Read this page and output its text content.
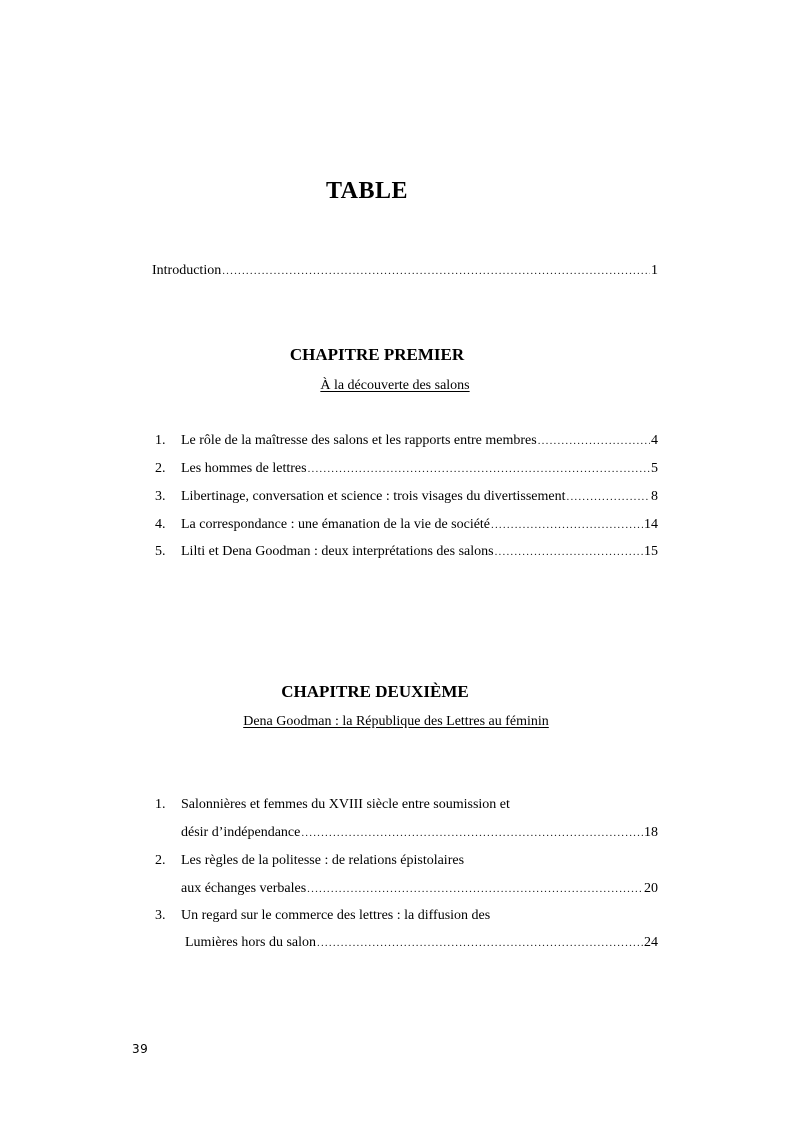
TABLE
Introduction .....	1
CHAPITRE PREMIER
À la découverte des salons
1.	Le rôle de la maîtresse des salons et les rapports entre membres .....	4
2.	Les hommes de lettres .....	5
3.	Libertinage, conversation et science : trois visages du divertissement .....	8
4.	La correspondance : une émanation de la vie de société .....	14
5.	Lilti et Dena Goodman : deux interprétations des salons .....	15
CHAPITRE DEUXIÈME
Dena Goodman : la République des Lettres au féminin
1. Salonnières et femmes du XVIII siècle entre soumission et
désir d’indépendance .....	18
2. Les règles de la politesse : de relations épistolaires
aux échanges verbales .....	20
3. Un regard sur le commerce des lettres : la diffusion des
Lumières hors du salon .....	24
39
